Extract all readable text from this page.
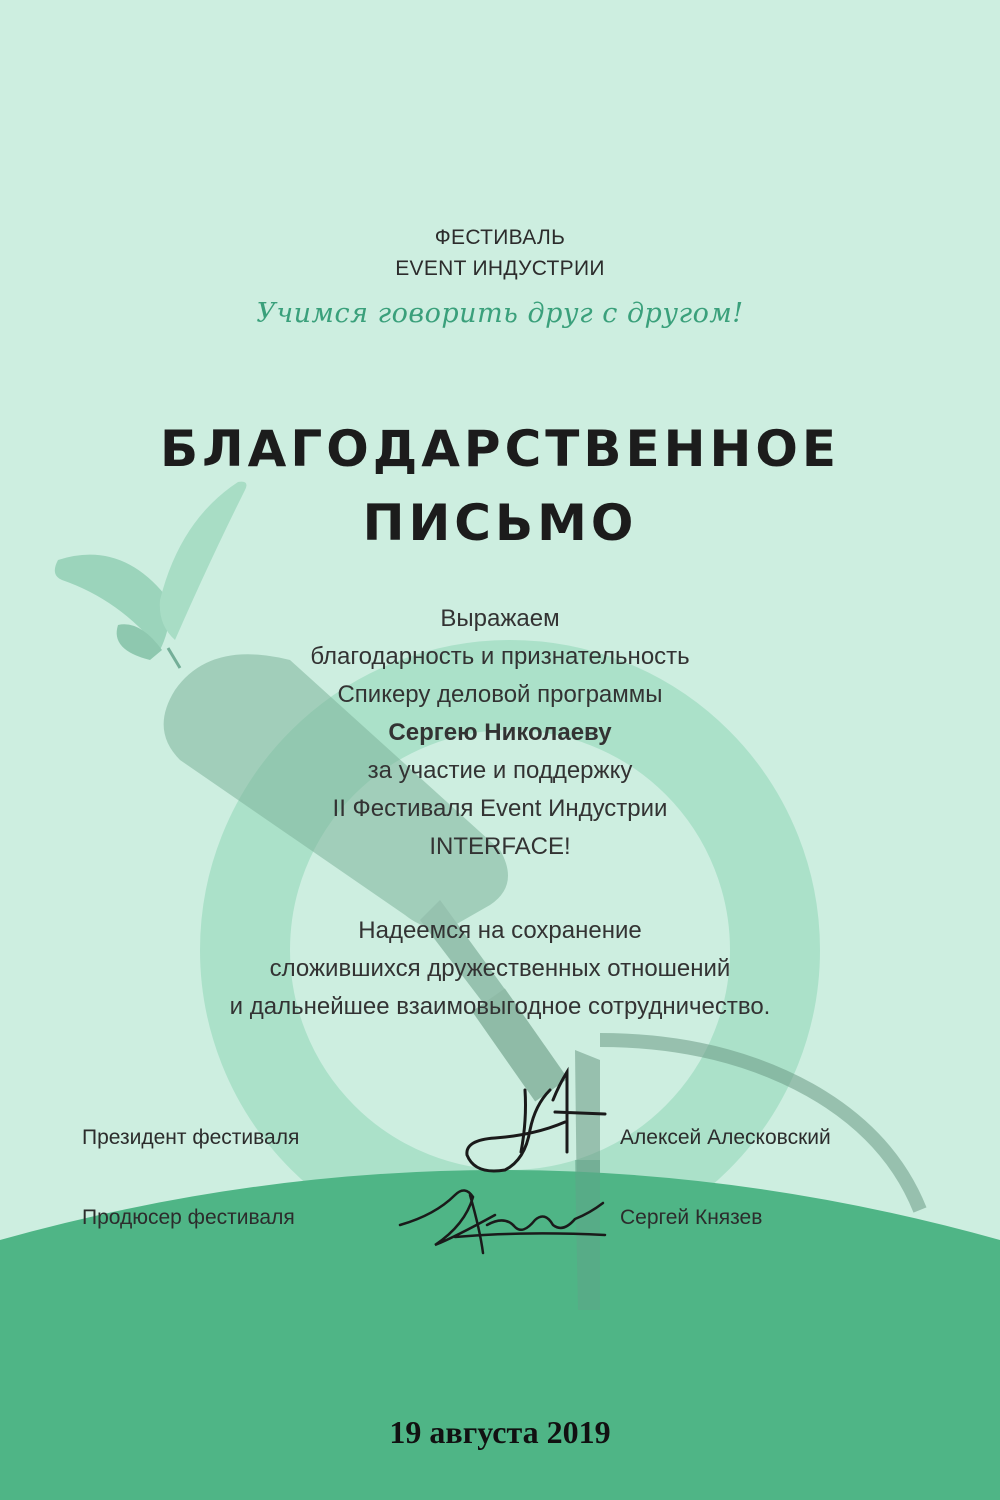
ФЕСТИВАЛЬ
EVENT ИНДУСТРИИ
Учимся говорить друг с другом!
БЛАГОДАРСТВЕННОЕ
ПИСЬМО
Выражаем
благодарность и признательность
Спикеру деловой программы
Сергею Николаеву
за участие и поддержку
II Фестиваля Event Индустрии
INTERFACE!
Надеемся на сохранение
сложившихся дружественных отношений
и дальнейшее взаимовыгодное сотрудничество.
Президент фестиваля	Алексей Алесковский
Продюсер фестиваля	Сергей Князев
19 августа 2019
